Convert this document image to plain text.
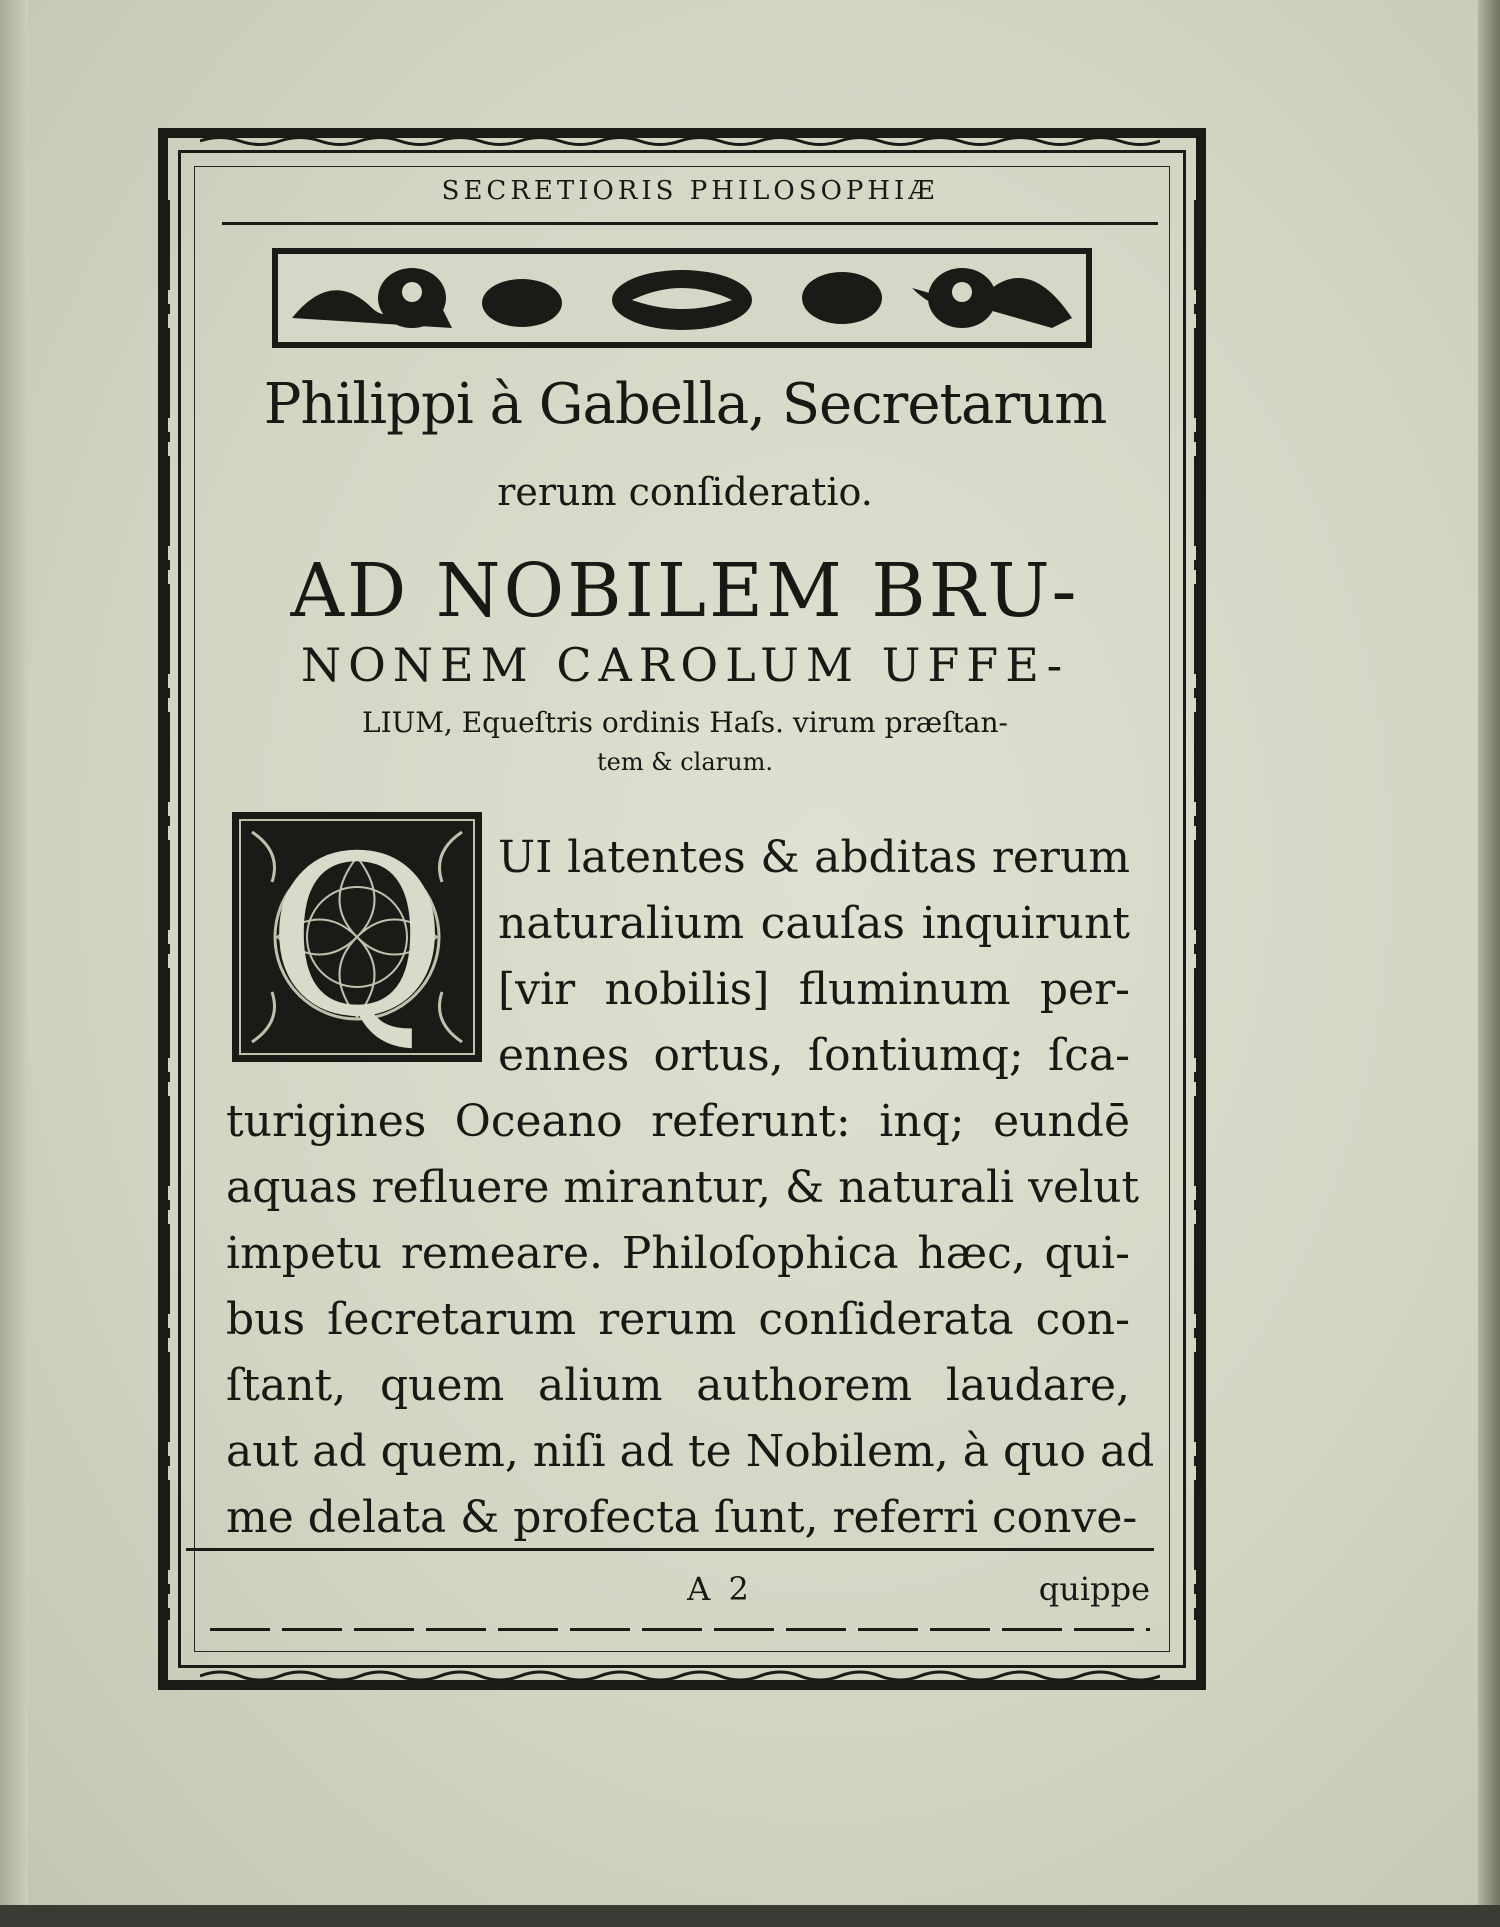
SECRETIORIS PHILOSOPHIÆ
Philippi à Gabella, Secretarum
rerum conſideratio.
AD NOBILEM BRU-
NONEM CAROLUM UFFE-
LIUM, Equeſtris ordinis Haſs. virum præſtan-
tem & clarum.
Q	UI latentes & abditas rerum
naturalium cauſas inquirunt
[vir nobilis] fluminum per-
ennes ortus, ſontiumq; ſca-
turigines Oceano referunt: inq; eundē
aquas refluere mirantur, & naturali velut
impetu remeare. Philoſophica hæc, qui-
bus ſecretarum rerum conſiderata con-
ſtant, quem alium authorem laudare,
aut ad quem, niſi ad te Nobilem, à quo ad
me delata & profecta ſunt, referri conve-
A 2	quippe
